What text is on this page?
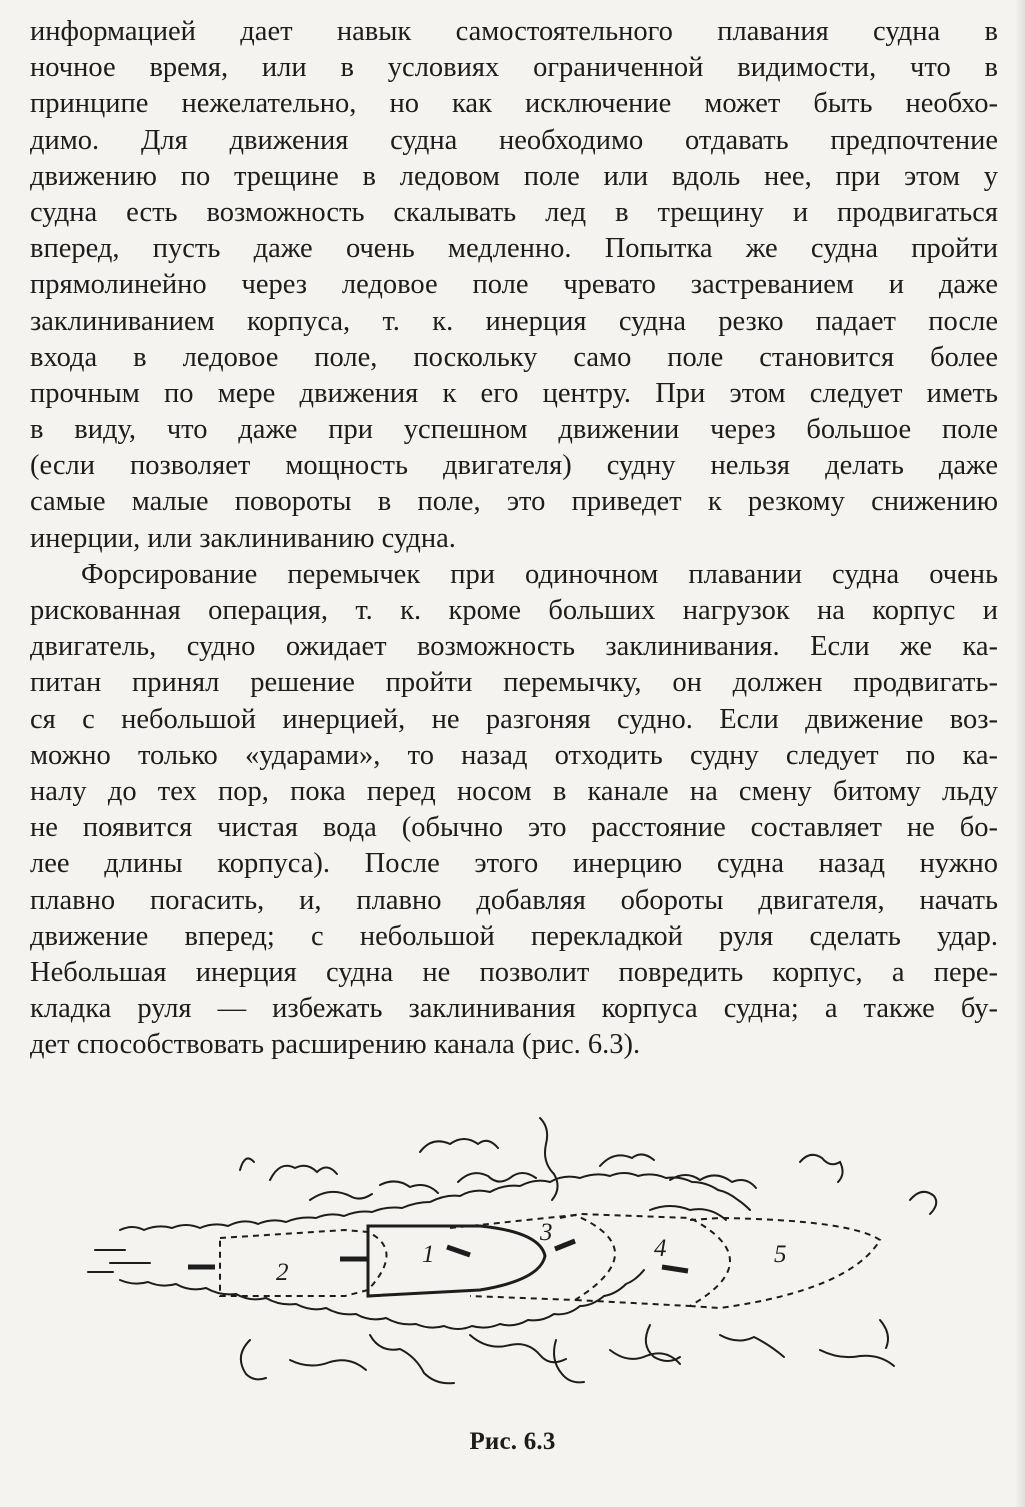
информацией дает навык самостоятельного плавания судна в
ночное время, или в условиях ограниченной видимости, что в
принципе нежелательно, но как исключение может быть необхо-
димо. Для движения судна необходимо отдавать предпочтение
движению по трещине в ледовом поле или вдоль нее, при этом у
судна есть возможность скалывать лед в трещину и продвигаться
вперед, пусть даже очень медленно. Попытка же судна пройти
прямолинейно через ледовое поле чревато застреванием и даже
заклиниванием корпуса, т. к. инерция судна резко падает после
входа в ледовое поле, поскольку само поле становится более
прочным по мере движения к его центру. При этом следует иметь
в виду, что даже при успешном движении через большое поле
(если позволяет мощность двигателя) судну нельзя делать даже
самые малые повороты в поле, это приведет к резкому снижению
инерции, или заклиниванию судна.
Форсирование перемычек при одиночном плавании судна очень
рискованная операция, т. к. кроме больших нагрузок на корпус и
двигатель, судно ожидает возможность заклинивания. Если же ка-
питан принял решение пройти перемычку, он должен продвигать-
ся с небольшой инерцией, не разгоняя судно. Если движение воз-
можно только «ударами», то назад отходить судну следует по ка-
налу до тех пор, пока перед носом в канале на смену битому льду
не появится чистая вода (обычно это расстояние составляет не бо-
лее длины корпуса). После этого инерцию судна назад нужно
плавно погасить, и, плавно добавляя обороты двигателя, начать
движение вперед; с небольшой перекладкой руля сделать удар.
Небольшая инерция судна не позволит повредить корпус, а пере-
кладка руля — избежать заклинивания корпуса судна; а также бу-
дет способствовать расширению канала (рис. 6.3).
2
1
3
4	5
Рис. 6.3
